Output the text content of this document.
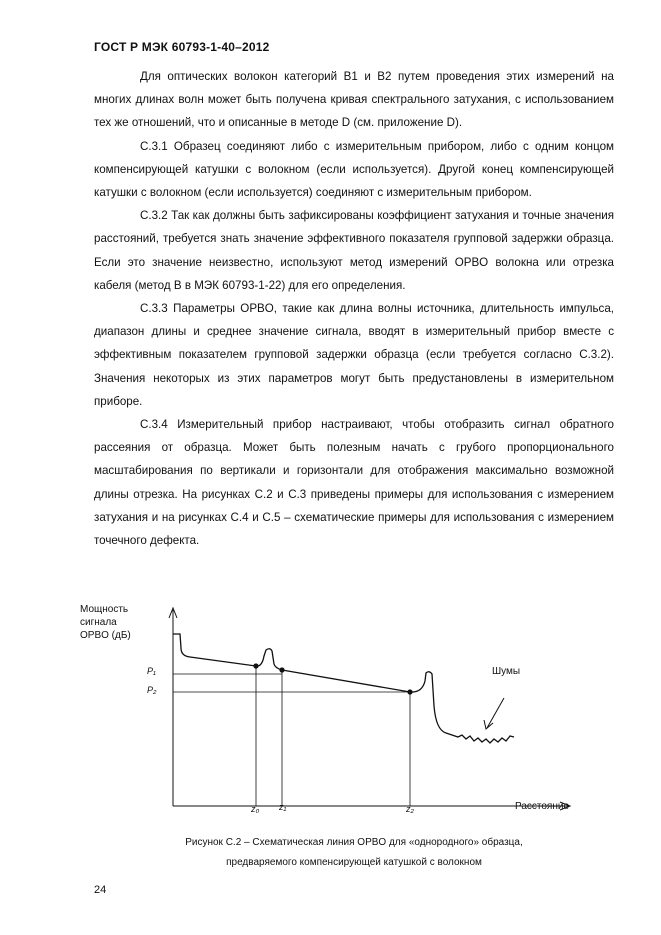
ГОСТ Р МЭК 60793-1-40–2012

Для оптических волокон категорий В1 и В2 путем проведения этих измерений на многих длинах волн может быть получена кривая спектрального затухания, с использованием тех же отношений, что и описанные в методе D (см. приложение D).

С.3.1 Образец соединяют либо с измерительным прибором, либо с одним концом компенсирующей катушки с волокном (если используется). Другой конец компенсирующей катушки с волокном (если используется) соединяют с измерительным прибором.

С.3.2 Так как должны быть зафиксированы коэффициент затухания и точные значения расстояний, требуется знать значение эффективного показателя групповой задержки образца. Если это значение неизвестно, используют метод измерений OPBO волокна или отрезка кабеля (метод В в МЭК 60793-1-22) для его определения.

С.3.3 Параметры OPBO, такие как длина волны источника, длительность импульса, диапазон длины и среднее значение сигнала, вводят в измерительный прибор вместе с эффективным показателем групповой задержки образца (если требуется согласно С.3.2). Значения некоторых из этих параметров могут быть предустановлены в измерительном приборе.

С.3.4 Измерительный прибор настраивают, чтобы отобразить сигнал обратного рассеяния от образца. Может быть полезным начать с грубого пропорционального масштабирования по вертикали и горизонтали для отображения максимально возможной длины отрезка. На рисунках С.2 и С.3 приведены примеры для использования с измерением затухания и на рисунках С.4 и С.5 – схематические примеры для использования с измерением точечного дефекта.

Мощность
сигнала
OPBO (дБ)
P₁
P₂
z₀ z₁	z₂
Шумы
Расстояние
Рисунок С.2 – Схематическая линия OPBO для «однородного» образца,
предваряемого компенсирующей катушкой с волокном
24
